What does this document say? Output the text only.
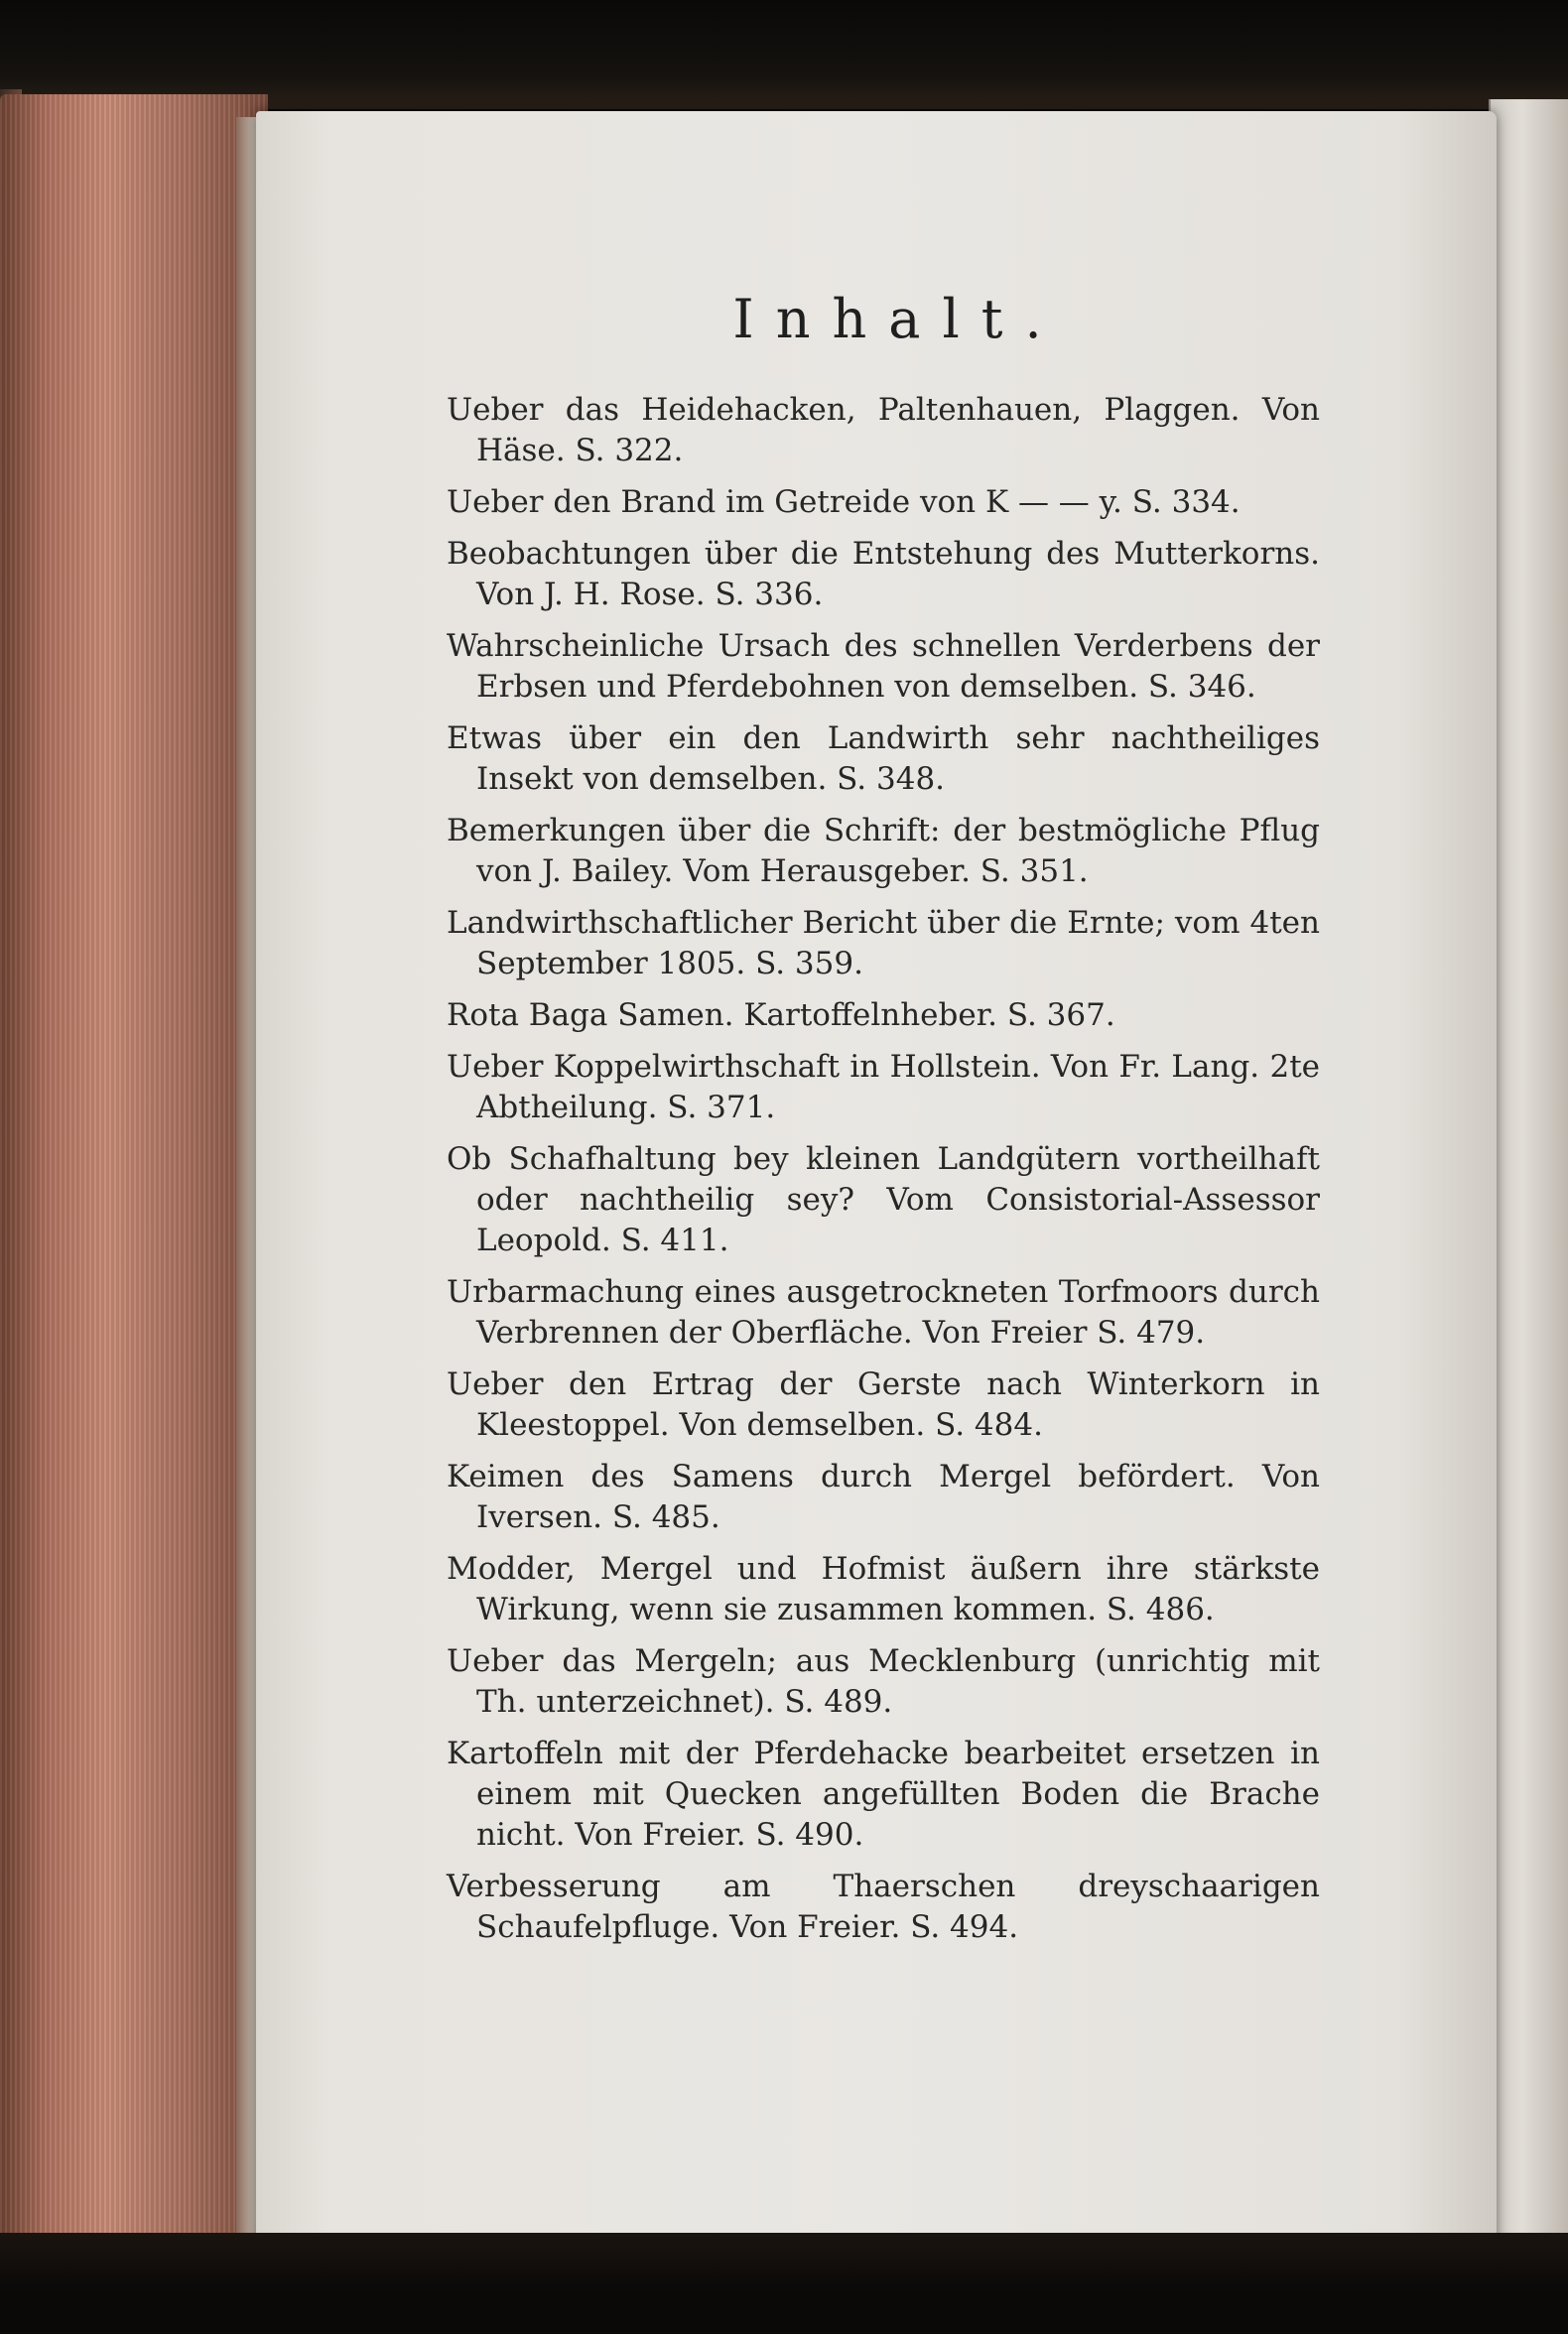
Inhalt.
Ueber das Heidehacken, Paltenhauen, Plaggen. Von Häse. S. 322.
Ueber den Brand im Getreide von K — — y. S. 334.
Beobachtungen über die Entstehung des Mutterkorns. Von J. H. Rose. S. 336.
Wahrscheinliche Ursach des schnellen Verderbens der Erbsen und Pferdebohnen von demselben. S. 346.
Etwas über ein den Landwirth sehr nachtheiliges Insekt von demselben. S. 348.
Bemerkungen über die Schrift: der bestmögliche Pflug von J. Bailey. Vom Herausgeber. S. 351.
Landwirthschaftlicher Bericht über die Ernte; vom 4ten September 1805. S. 359.
Rota Baga Samen. Kartoffelnheber. S. 367.
Ueber Koppelwirthschaft in Hollstein. Von Fr. Lang. 2te Abtheilung. S. 371.
Ob Schafhaltung bey kleinen Landgütern vortheilhaft oder nachtheilig sey? Vom Consistorial-Assessor Leopold. S. 411.
Urbarmachung eines ausgetrockneten Torfmoors durch Verbrennen der Oberfläche. Von Freier S. 479.
Ueber den Ertrag der Gerste nach Winterkorn in Kleestoppel. Von demselben. S. 484.
Keimen des Samens durch Mergel befördert. Von Iversen. S. 485.
Modder, Mergel und Hofmist äußern ihre stärkste Wirkung, wenn sie zusammen kommen. S. 486.
Ueber das Mergeln; aus Mecklenburg (unrichtig mit Th. unterzeichnet). S. 489.
Kartoffeln mit der Pferdehacke bearbeitet ersetzen in einem mit Quecken angefüllten Boden die Brache nicht. Von Freier. S. 490.
Verbesserung am Thaerschen dreyschaarigen Schaufelpfluge. Von Freier. S. 494.
